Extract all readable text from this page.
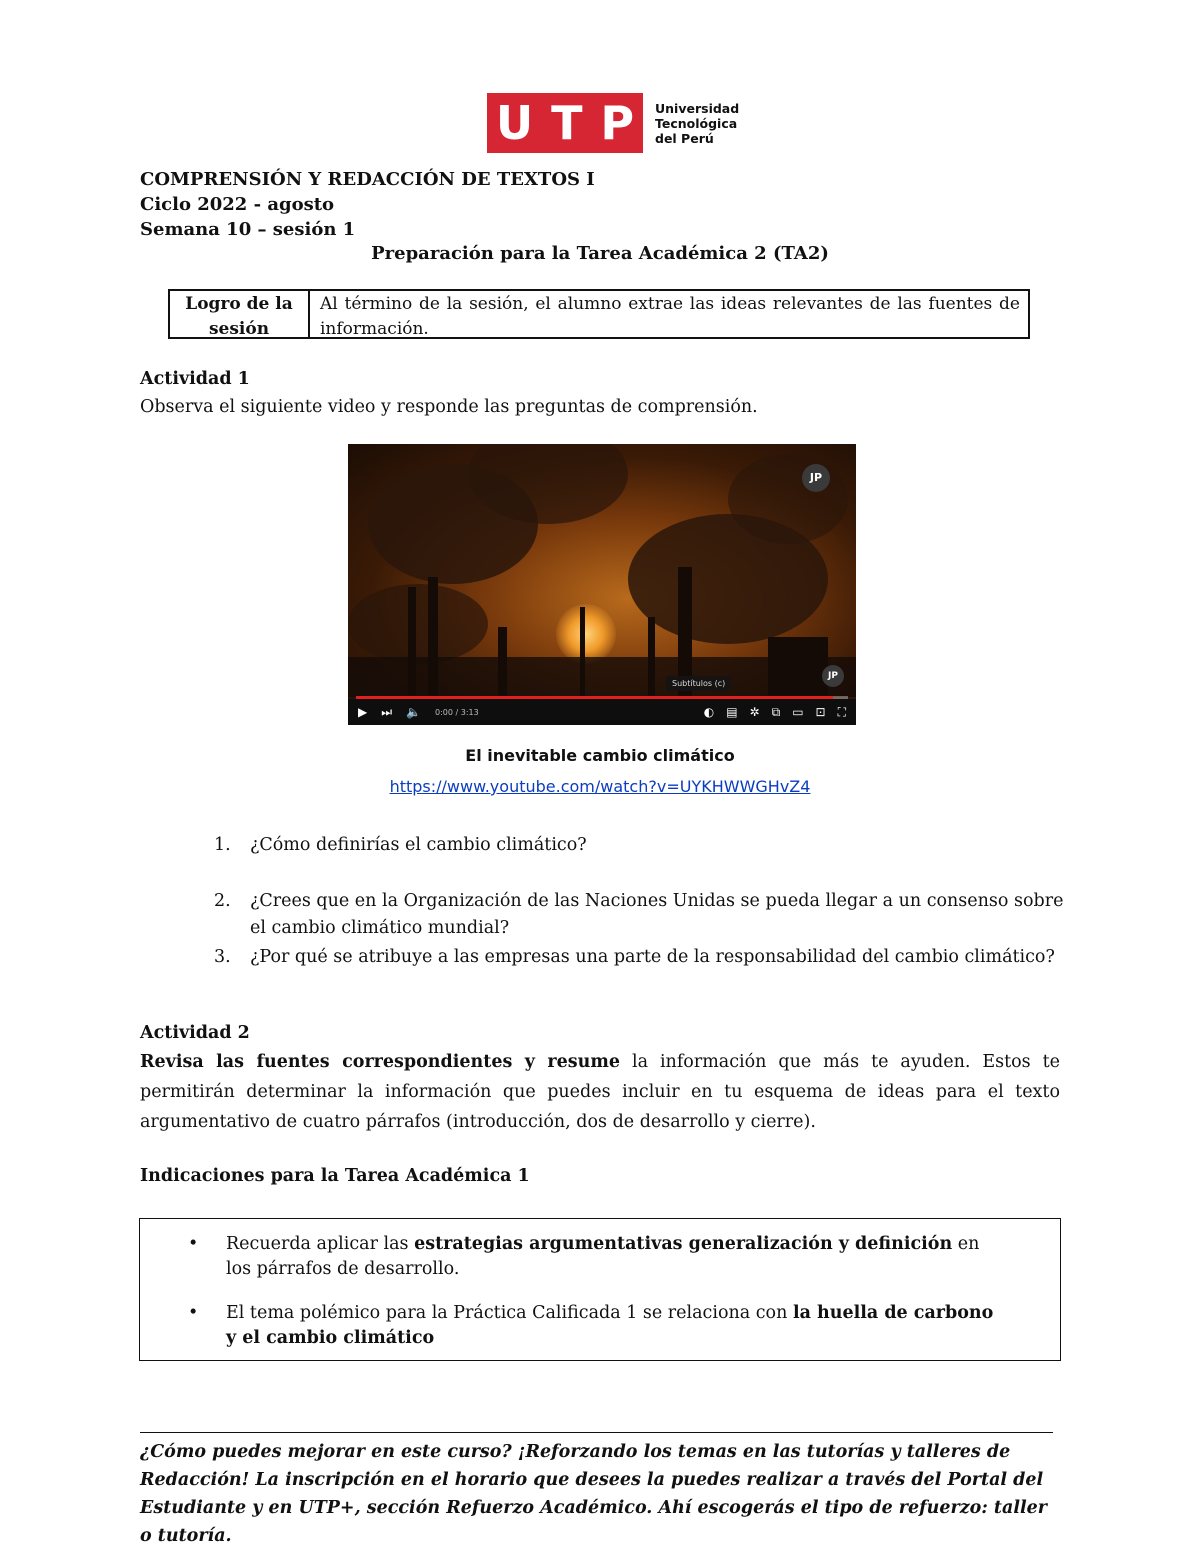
U T P Universidad
Tecnológica
del Perú
COMPRENSIÓN Y REDACCIÓN DE TEXTOS I
Ciclo 2022 - agosto
Semana 10 – sesión 1
Preparación para la Tarea Académica 2 (TA2)
Logro de la sesión
Al término de la sesión, el alumno extrae las ideas relevantes de las fuentes de información.
Actividad 1
Observa el siguiente video y responde las preguntas de comprensión.
JP
JP
Subtítulos (c)
▶ ⏭ 🔈 0:00 / 3:13	◐ ▤ ✲ ⧉ ▭ ⊡ ⛶
El inevitable cambio climático
https://www.youtube.com/watch?v=UYKHWWGHvZ4
1.	¿Cómo definirías el cambio climático?
2.	¿Crees que en la Organización de las Naciones Unidas se pueda llegar a un consenso sobre el cambio climático mundial?
3.	¿Por qué se atribuye a las empresas una parte de la responsabilidad del cambio climático?
Actividad 2
Revisa las fuentes correspondientes y resume la información que más te ayuden. Estos te permitirán determinar la información que puedes incluir en tu esquema de ideas para el texto argumentativo de cuatro párrafos (introducción, dos de desarrollo y cierre).
Indicaciones para la Tarea Académica 1
•	Recuerda aplicar las estrategias argumentativas generalización y definición en los párrafos de desarrollo.
•	El tema polémico para la Práctica Calificada 1 se relaciona con la huella de carbono y el cambio climático
¿Cómo puedes mejorar en este curso? ¡Reforzando los temas en las tutorías y talleres de Redacción! La inscripción en el horario que desees la puedes realizar a través del Portal del Estudiante y en UTP+, sección Refuerzo Académico. Ahí escogerás el tipo de refuerzo: taller o tutoría.
